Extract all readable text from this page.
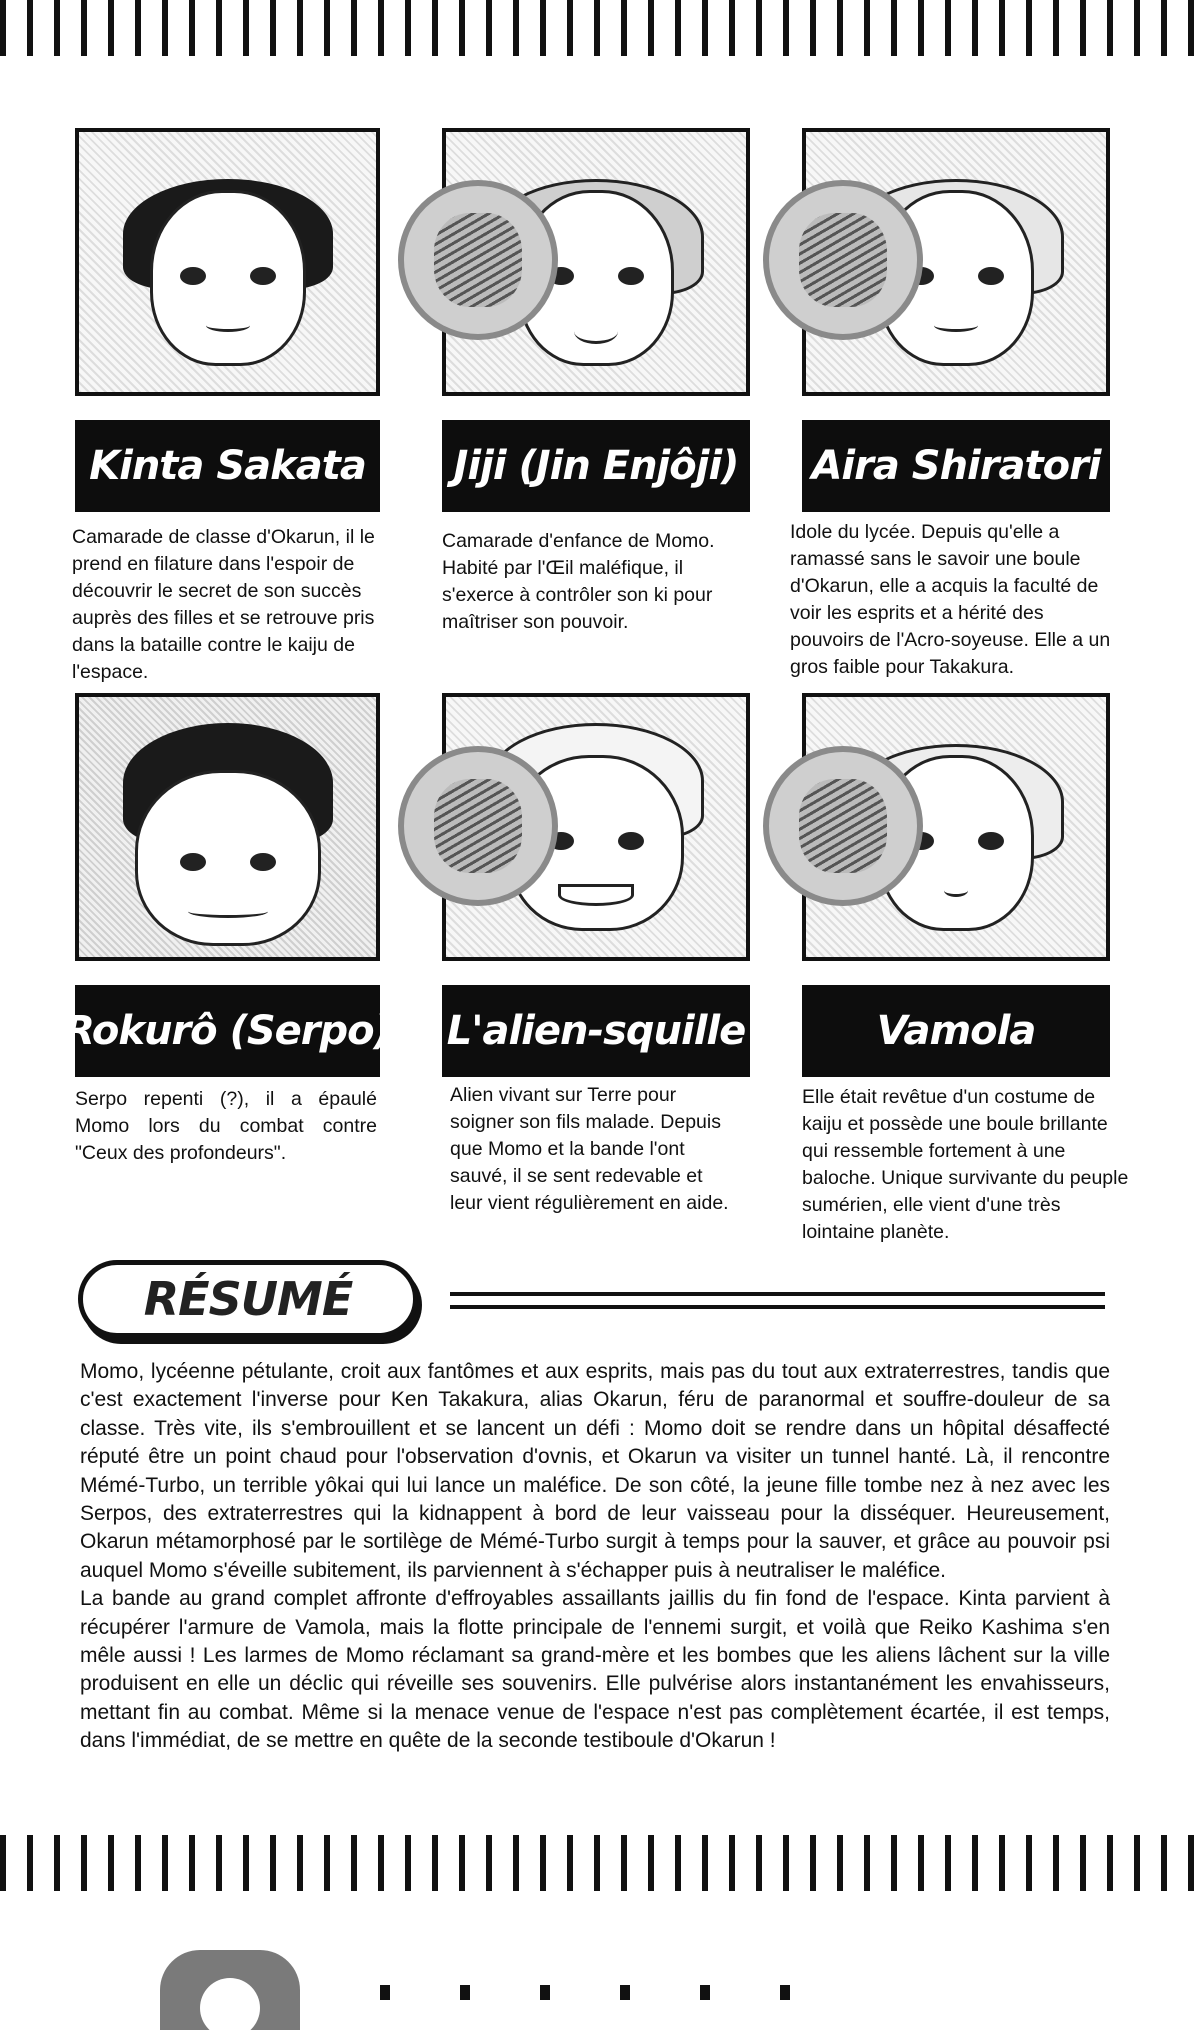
Kinta Sakata
Camarade de classe d'Okarun, il le prend en filature dans l'espoir de découvrir le secret de son succès auprès des filles et se retrouve pris dans la bataille contre le kaiju de l'espace.
Jiji (Jin Enjôji)
Camarade d'enfance de Momo. Habité par l'Œil maléfique, il s'exerce à contrôler son ki pour maîtriser son pouvoir.
Aira Shiratori
Idole du lycée. Depuis qu'elle a ramassé sans le savoir une boule d'Okarun, elle a acquis la faculté de voir les esprits et a hérité des pouvoirs de l'Acro-soyeuse. Elle a un gros faible pour Takakura.
Rokurô (Serpo)
Serpo repenti (?), il a épaulé Momo lors du combat contre "Ceux des profondeurs".
L'alien-squille
Alien vivant sur Terre pour soigner son fils malade. Depuis que Momo et la bande l'ont sauvé, il se sent redevable et leur vient régulièrement en aide.
Vamola
Elle était revêtue d'un costume de kaiju et possède une boule brillante qui ressemble fortement à une baloche. Unique survivante du peuple sumérien, elle vient d'une très lointaine planète.
RÉSUMÉ

Momo, lycéenne pétulante, croit aux fantômes et aux esprits, mais pas du tout aux extraterrestres, tandis que c'est exactement l'inverse pour Ken Takakura, alias Okarun, féru de paranormal et souffre-douleur de sa classe. Très vite, ils s'embrouillent et se lancent un défi : Momo doit se rendre dans un hôpital désaffecté réputé être un point chaud pour l'observation d'ovnis, et Okarun va visiter un tunnel hanté. Là, il rencontre Mémé-Turbo, un terrible yôkai qui lui lance un maléfice. De son côté, la jeune fille tombe nez à nez avec les Serpos, des extraterrestres qui la kidnappent à bord de leur vaisseau pour la disséquer. Heureusement, Okarun métamorphosé par le sortilège de Mémé-Turbo surgit à temps pour la sauver, et grâce au pouvoir psi auquel Momo s'éveille subitement, ils parviennent à s'échapper puis à neutraliser le maléfice.

La bande au grand complet affronte d'effroyables assaillants jaillis du fin fond de l'espace. Kinta parvient à récupérer l'armure de Vamola, mais la flotte principale de l'ennemi surgit, et voilà que Reiko Kashima s'en mêle aussi ! Les larmes de Momo réclamant sa grand-mère et les bombes que les aliens lâchent sur la ville produisent en elle un déclic qui réveille ses souvenirs. Elle pulvérise alors instantanément les envahisseurs, mettant fin au combat. Même si la menace venue de l'espace n'est pas complètement écartée, il est temps, dans l'immédiat, de se mettre en quête de la seconde testiboule d'Okarun !
